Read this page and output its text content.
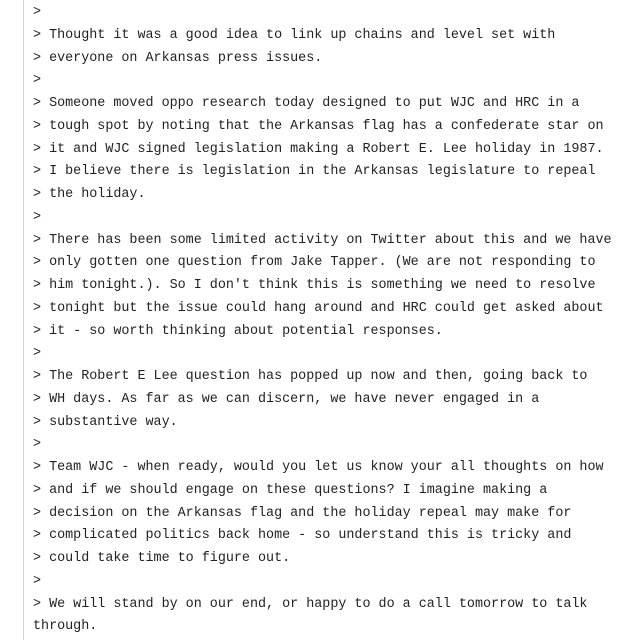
>
> Thought it was a good idea to link up chains and level set with
> everyone on Arkansas press issues.
>
> Someone moved oppo research today designed to put WJC and HRC in a
> tough spot by noting that the Arkansas flag has a confederate star on
> it and WJC signed legislation making a Robert E. Lee holiday in 1987.
> I believe there is legislation in the Arkansas legislature to repeal
> the holiday.
>
> There has been some limited activity on Twitter about this and we have
> only gotten one question from Jake Tapper. (We are not responding to
> him tonight.). So I don't think this is something we need to resolve
> tonight but the issue could hang around and HRC could get asked about
> it - so worth thinking about potential responses.
>
> The Robert E Lee question has popped up now and then, going back to
> WH days. As far as we can discern, we have never engaged in a
> substantive way.
>
> Team WJC - when ready, would you let us know your all thoughts on how
> and if we should engage on these questions? I imagine making a
> decision on the Arkansas flag and the holiday repeal may make for
> complicated politics back home - so understand this is tricky and
> could take time to figure out.
>
> We will stand by on our end, or happy to do a call tomorrow to talk
through.
